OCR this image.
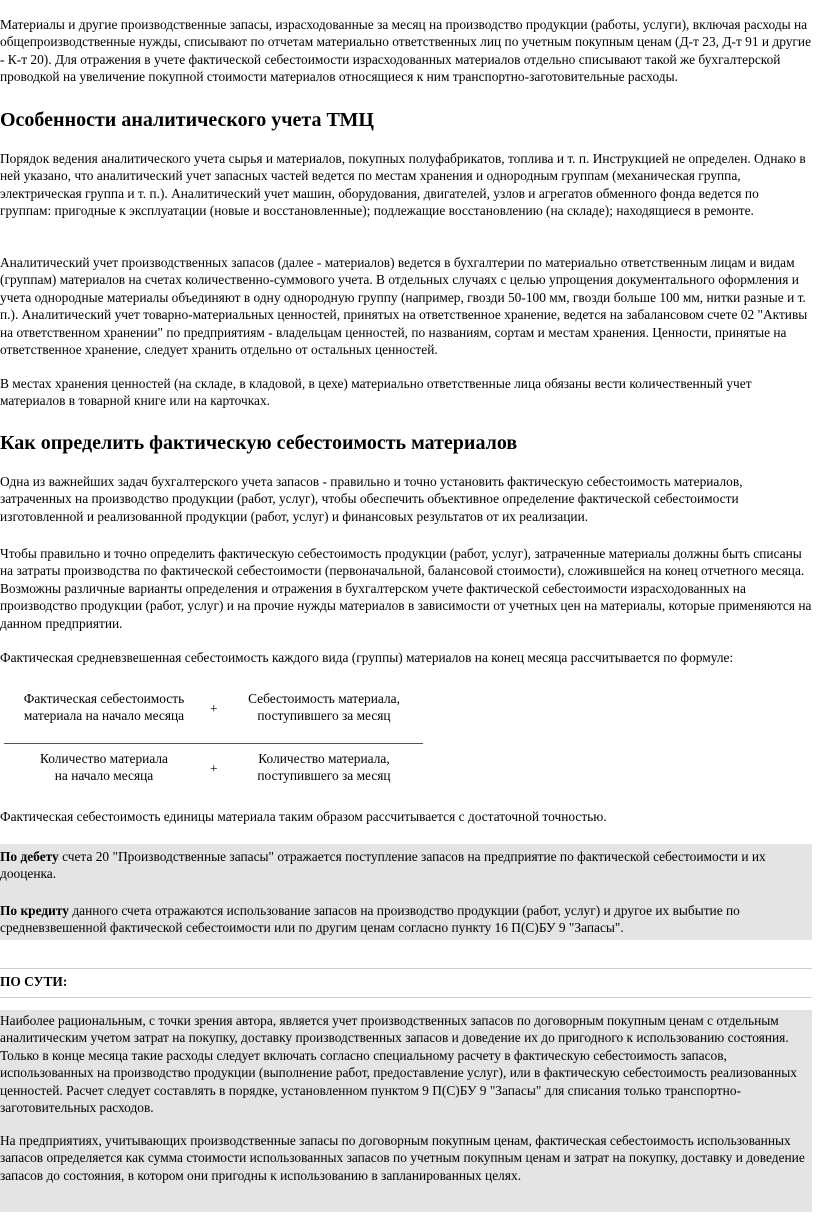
Материалы и другие производственные запасы, израсходованные за месяц на производство продукции (работы, услуги), включая расходы на общепроизводственные нужды, списывают по отчетам материально ответственных лиц по учетным покупным ценам (Д-т 23, Д-т 91 и другие - К-т 20). Для отражения в учете фактической себестоимости израсходованных материалов отдельно списывают такой же бухгалтерской проводкой на увеличение покупной стоимости материалов относящиеся к ним транспортно-заготовительные расходы.

Особенности аналитического учета ТМЦ

Порядок ведения аналитического учета сырья и материалов, покупных полуфабрикатов, топлива и т. п. Инструкцией не определен. Однако в ней указано, что аналитический учет запасных частей ведется по местам хранения и однородным группам (механическая группа, электрическая группа и т. п.). Аналитический учет машин, оборудования, двигателей, узлов и агрегатов обменного фонда ведется по группам: пригодные к эксплуатации (новые и восстановленные); подлежащие восстановлению (на складе); находящиеся в ремонте.

Аналитический учет производственных запасов (далее - материалов) ведется в бухгалтерии по материально ответственным лицам и видам (группам) материалов на счетах количественно-суммового учета. В отдельных случаях с целью упрощения документального оформления и учета однородные материалы объединяют в одну однородную группу (например, гвозди 50-100 мм, гвозди больше 100 мм, нитки разные и т. п.). Аналитический учет товарно-материальных ценностей, принятых на ответственное хранение, ведется на забалансовом счете 02 "Активы на ответственном хранении" по предприятиям - владельцам ценностей, по названиям, сортам и местам хранения. Ценности, принятые на ответственное хранение, следует хранить отдельно от остальных ценностей.

В местах хранения ценностей (на складе, в кладовой, в цехе) материально ответственные лица обязаны вести количественный учет материалов в товарной книге или на карточках.

Как определить фактическую себестоимость материалов

Одна из важнейших задач бухгалтерского учета запасов - правильно и точно установить фактическую себестоимость материалов, затраченных на производство продукции (работ, услуг), чтобы обеспечить объективное определение фактической себестоимости изготовленной и реализованной продукции (работ, услуг) и финансовых результатов от их реализации.

Чтобы правильно и точно определить фактическую себестоимость продукции (работ, услуг), затраченные материалы должны быть списаны на затраты производства по фактической себестоимости (первоначальной, балансовой стоимости), сложившейся на конец отчетного месяца. Возможны различные варианты определения и отражения в бухгалтерском учете фактической себестоимости израсходованных на производство продукции (работ, услуг) и на прочие нужды материалов в зависимости от учетных цен на материалы, которые применяются на данном предприятии.

Фактическая средневзвешенная себестоимость каждого вида (группы) материалов на конец месяца рассчитывается по формуле:

Фактическая себестоимость
материала на начало месяца	+
Себестоимость материала,
поступившего за месяц
Количество материала
на начало месяца	+
Количество материала,
поступившего за месяц

Фактическая себестоимость единицы материала таким образом рассчитывается с достаточной точностью.

По дебету счета 20 "Производственные запасы" отражается поступление запасов на предприятие по фактической себестоимости и их дооценка.

По кредиту данного счета отражаются использование запасов на производство продукции (работ, услуг) и другое их выбытие по средневзвешенной фактической себестоимости или по другим ценам согласно пункту 16 П(С)БУ 9 "Запасы".

ПО СУТИ:

Наиболее рациональным, с точки зрения автора, является учет производственных запасов по договорным покупным ценам с отдельным аналитическим учетом затрат на покупку, доставку производственных запасов и доведение их до пригодного к использованию состояния. Только в конце месяца такие расходы следует включать согласно специальному расчету в фактическую себестоимость запасов, использованных на производство продукции (выполнение работ, предоставление услуг), или в фактическую себестоимость реализованных ценностей. Расчет следует составлять в порядке, установленном пунктом 9 П(С)БУ 9 "Запасы" для списания только транспортно-заготовительных расходов.

На предприятиях, учитывающих производственные запасы по договорным покупным ценам, фактическая себестоимость использованных запасов определяется как сумма стоимости использованных запасов по учетным покупным ценам и затрат на покупку, доставку и доведение запасов до состояния, в котором они пригодны к использованию в запланированных целях.
